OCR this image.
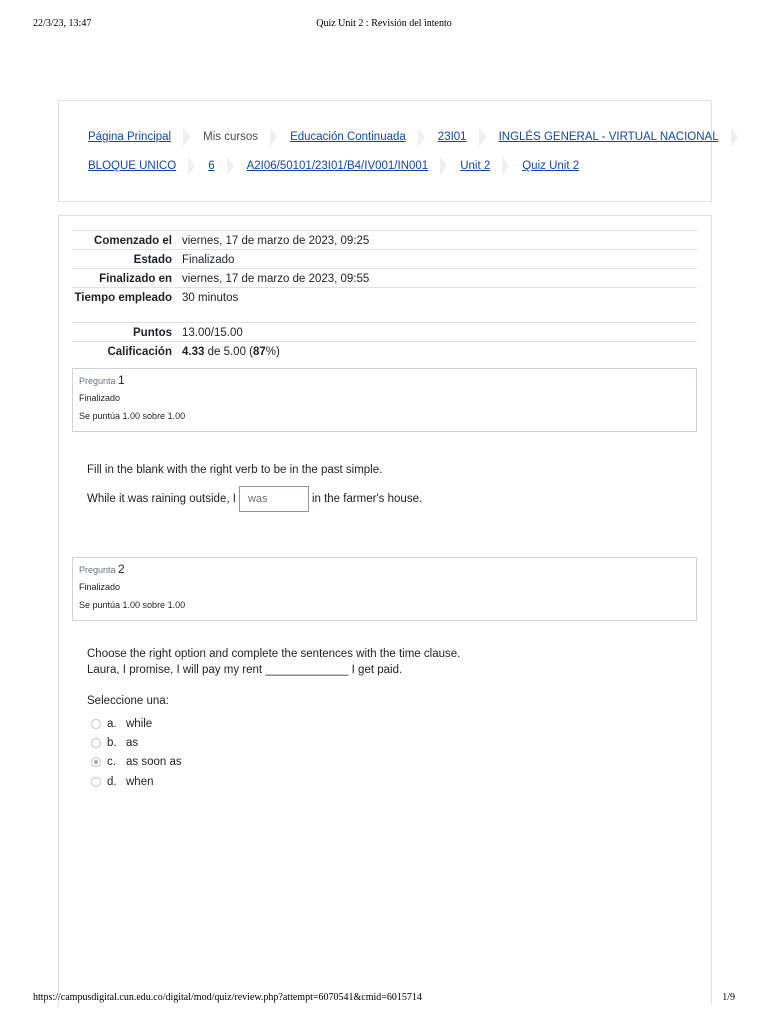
22/3/23, 13:47	Quiz Unit 2 : Revisión del intento
Página Principal	Mis cursos	Educación Continuada	23I01	INGLÉS GENERAL - VIRTUAL NACIONAL
BLOQUE UNICO	6	A2I06/50101/23I01/B4/IV001/IN001	Unit 2	Quiz Unit 2
Comenzado el viernes, 17 de marzo de 2023, 09:25
Estado Finalizado
Finalizado en viernes, 17 de marzo de 2023, 09:55
Tiempo empleado 30 minutos
Puntos 13.00/15.00
Calificación 4.33 de 5.00 (87%)
Pregunta 1
Finalizado
Se puntúa 1.00 sobre 1.00
Fill in the blank with the right verb to be in the past simple.
While it was raining outside, I	was	in the farmer's house.
Pregunta 2
Finalizado
Se puntúa 1.00 sobre 1.00
Choose the right option and complete the sentences with the time clause.
Laura, I promise, I will pay my rent _____________ I get paid.
Seleccione una:
a. while
b. as
c. as soon as
d. when
https://campusdigital.cun.edu.co/digital/mod/quiz/review.php?attempt=6070541&cmid=6015714	1/9
